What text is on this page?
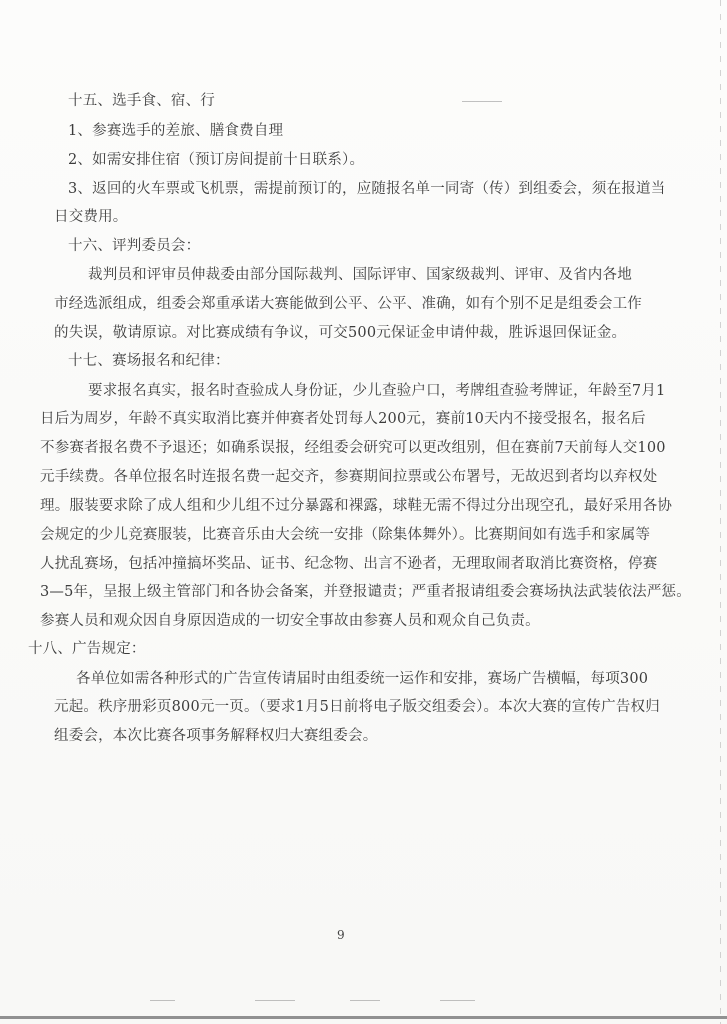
十五、选手食、宿、行
1、参赛选手的差旅、膳食费自理
2、如需安排住宿（预订房间提前十日联系）。
3、返回的火车票或飞机票，需提前预订的，应随报名单一同寄（传）到组委会，须在报道当
日交费用。
十六、评判委员会：
裁判员和评审员伸裁委由部分国际裁判、国际评审、国家级裁判、评审、及省内各地
市经选派组成，组委会郑重承诺大赛能做到公平、公平、准确，如有个别不足是组委会工作
的失误，敬请原谅。对比赛成绩有争议，可交500元保证金申请仲裁，胜诉退回保证金。
十七、赛场报名和纪律：
要求报名真实，报名时查验成人身份证，少儿查验户口，考牌组查验考牌证，年龄至7月1
日后为周岁，年龄不真实取消比赛并伸赛者处罚每人200元，赛前10天内不接受报名，报名后
不参赛者报名费不予退还；如确系误报，经组委会研究可以更改组别，但在赛前7天前每人交100
元手续费。各单位报名时连报名费一起交齐，参赛期间拉票或公布署号，无故迟到者均以弃权处
理。服装要求除了成人组和少儿组不过分暴露和裸露，球鞋无需不得过分出现空孔，最好采用各协
会规定的少儿竞赛服装，比赛音乐由大会统一安排（除集体舞外）。比赛期间如有选手和家属等
人扰乱赛场，包括冲撞搞坏奖品、证书、纪念物、出言不逊者，无理取闹者取消比赛资格，停赛
3—5年，呈报上级主管部门和各协会备案，并登报谴责；严重者报请组委会赛场执法武装依法严惩。
参赛人员和观众因自身原因造成的一切安全事故由参赛人员和观众自己负责。
十八、广告规定：
各单位如需各种形式的广告宣传请届时由组委统一运作和安排，赛场广告横幅，每项300
元起。秩序册彩页800元一页。（要求1月5日前将电子版交组委会）。本次大赛的宣传广告权归
组委会，本次比赛各项事务解释权归大赛组委会。
9
